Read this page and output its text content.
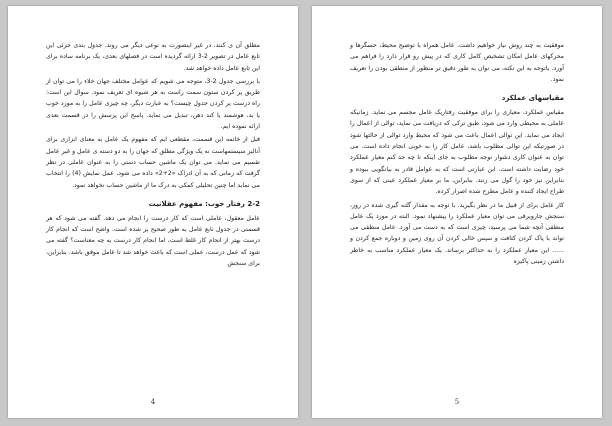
مطلق آن ی کنند، در غیر اینصورت به نوعی دیگر می روند. جدول بندی جزئی این تابع عامل در تصویر 2-3 ارائه گردیده است در فصلهای بعدی، یک برنامه ساده برای این تابع عامل داده خواهد شد.

با بررسی جدول 2-3، متوجه می شویم که عوامل مختلف جهان خلاء را می توان از طریق پر کردن ستون سمت راست به هر شیوه ای تعریف نمود. سوال این است: راه درست پر کردن جدول چیست؟ به عبارت دیگر، چه چیزی عامل را به مورد خوب یا بد، هوشمند یا کند ذهن، تبدیل می نماید. پاسخ این پرسش را در قسمت بعدی ارائه نموده ایم.

قبل از خاتمه این قسمت، مقطعی ایم که مفهوم یک عامل به معنای ابزاری برای آنالیز سیستمهاست نه یک ویژگی مطلق که جهان را به دو دسته ی عامل و غیر عامل تقسیم می نماید. می توان یک ماشین حساب دستی را به عنوان عاملی در نظر گرفت که زمانی که به آن ادراک «2+2» داده می شود، عمل نمایش (4) را انتخاب می نماید اما چنین تحلیلی کمکی به درک ما از ماشین حساب نخواهد نمود.

2-2 رفتار خوب: مفهوم عقلانیت

عامل معقول، عاملی است که کار درست را انجام می دهد. گفته می شود که هر قسمتی در جدول تابع عامل به طور صحیح پر شده است. واضح است که انجام کار درست بهتر از انجام کار غلط است، اما انجام کار درست به چه معناست؟ گفته می شود که عمل درست، عملی است که باعث خواهد شد تا عامل موفق باشد. بنابراین، برای سنجش

4

موفقیت به چند روش نیاز خواهیم داشت. عامل همراه با توضیح محیط، حسگرها و محرکهای عامل امکان تشخیص کامل کاری که در پیش رو قرار دارد را فراهم می آورد. باتوجه به این نکته، می توان به طور دقیق تر منظور از منطقی بودن را تعریف نمود.

مقیاسهای عملکرد

مقیاس عملکرد، معیاری را برای موفقیت رفتاریک عامل مجسم می نماید. زمانیکه عاملی به محیطی وارد می شود، طبق ترکی که دریافت می نماید، توالی از اعمال را ایجاد می نماید. این توالی اعمال باعث می شود که محیط وارد توالی از حالتها شود در صورتیکه این توالی مطلوب باشد، عامل کار را به خوبی انجام داده است. می توان به عنوان کاری دشوار توجه مطلوب به جای اینکه تا چه حد کنم معیار عملکرد خود رضایت داشته است. این عبارتی است که به عوامل قادر به بیانگویی ببوده و بنابراین نیز خود را گول می زنند. بنابراین، ما بر معیار عملکرد عینی که از سوی طراح ایجاد کننده و عامل مطرح شده اصرار کرده.

کار عامل برای از قبیل ما در نظر بگیرید. با توجه به مقدار گلنه گیری شده در روز، سنجش جاروبرقی می توان معیار عملکرد را پیشنهاد نمود. البته در مورد یک عامل منطقی آنچه شما می پرسید، چیزی است که به دست می آورد. عامل منطقی می تواند با پاک کردن کثافت و سپس خالی کردن آن روی زمین و دوباره جمع کردن و ...... این معیار عملکرد را به حداکثر برساند. یک معیار عملکرد مناسب به خاطر داشتن زمینی پاکیزه

5
